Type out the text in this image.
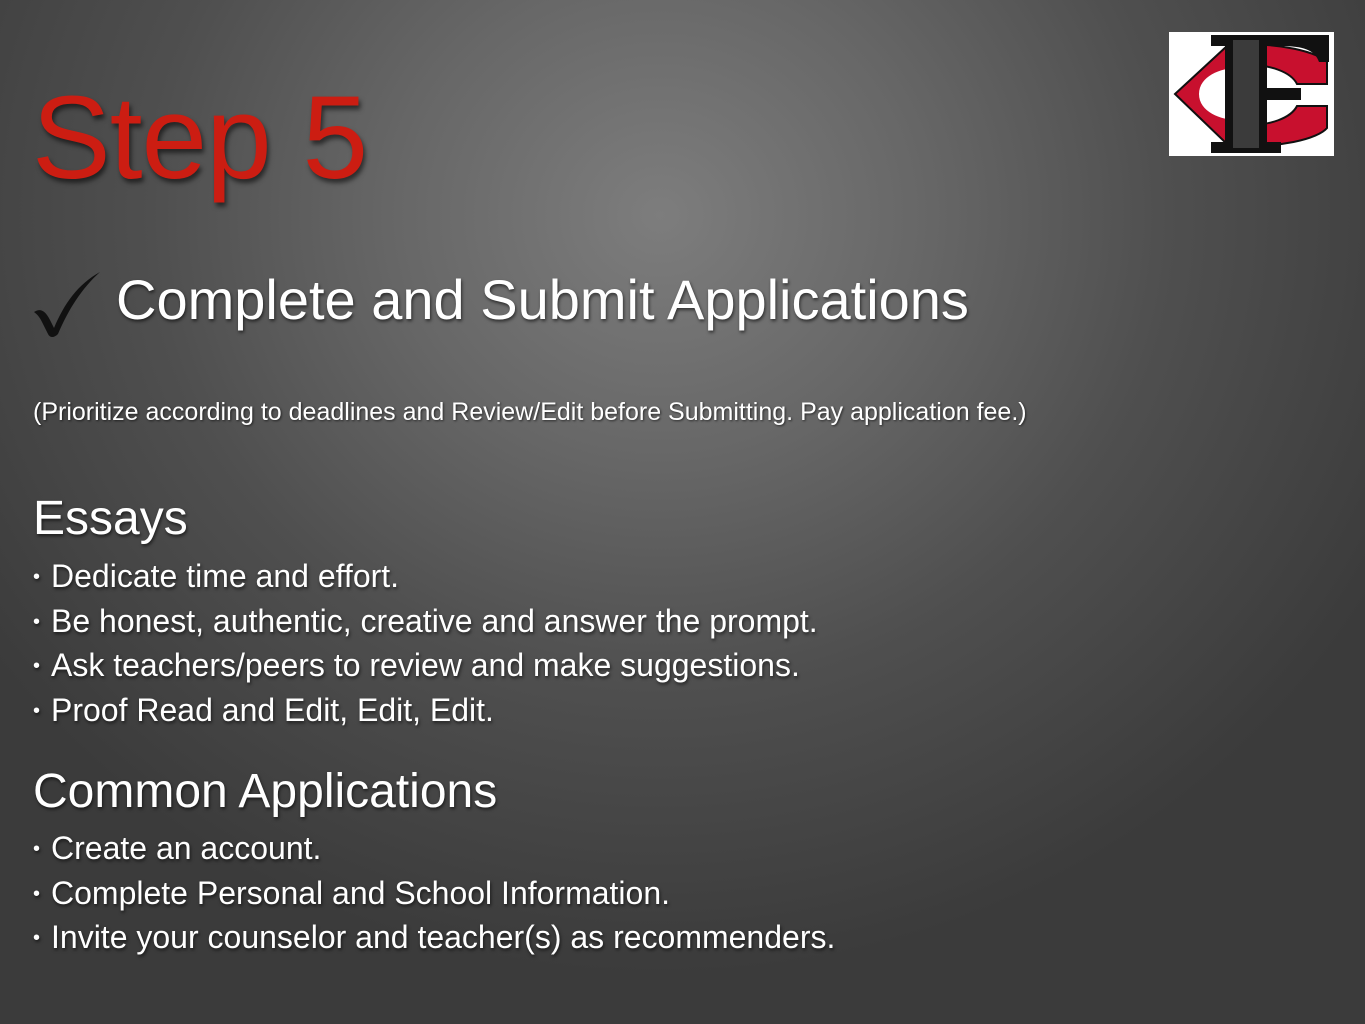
Step 5
Complete and Submit Applications

(Prioritize according to deadlines and Review/Edit before Submitting. Pay application fee.)

Essays
• Dedicate time and effort.
• Be honest, authentic, creative and answer the prompt.
• Ask teachers/peers to review and make suggestions.
• Proof Read and Edit, Edit, Edit.
Common Applications
• Create an account.
• Complete Personal and School Information.
• Invite your counselor and teacher(s) as recommenders.
